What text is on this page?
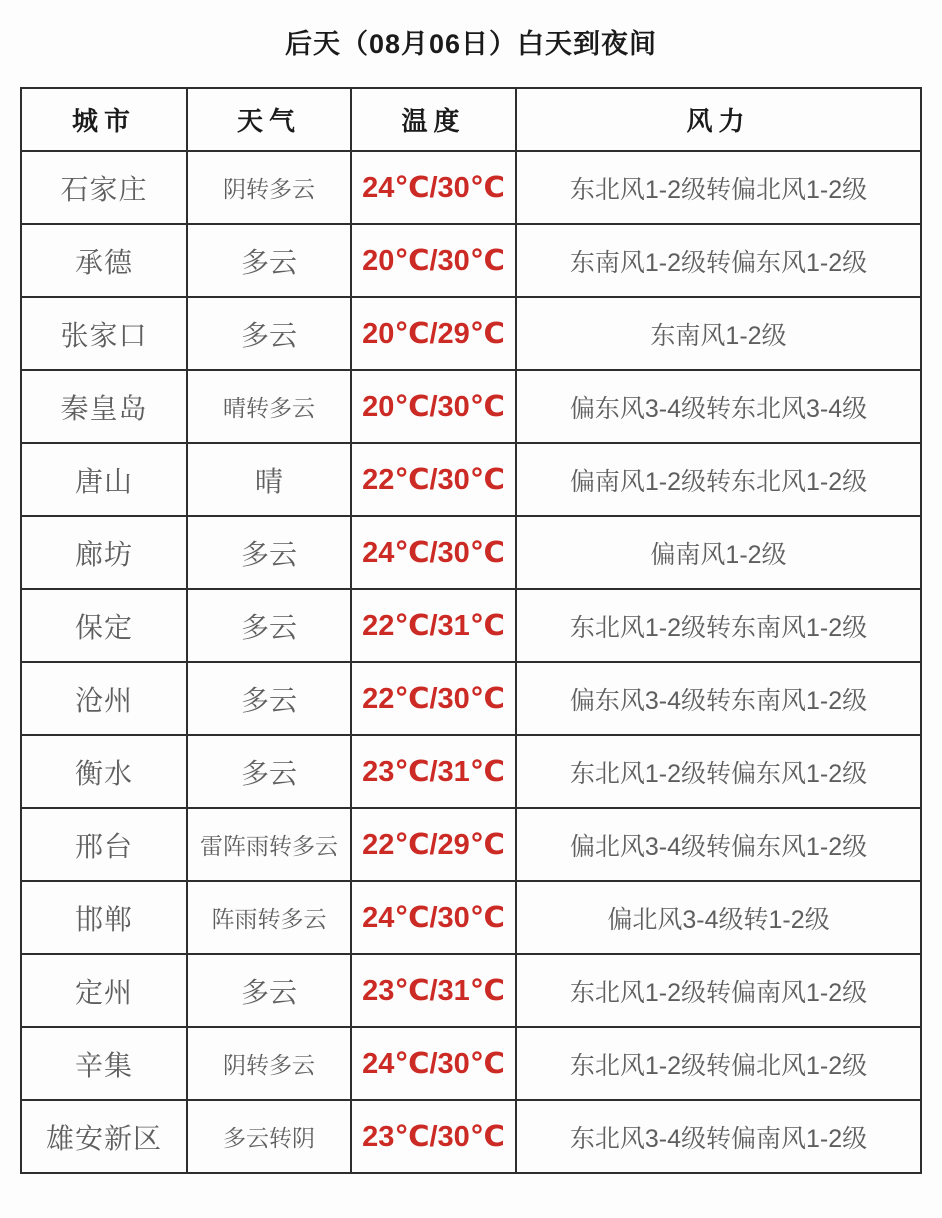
后天（08月06日）白天到夜间
城市	天气	温度	风力
石家庄	阴转多云	24℃/30℃	东北风1-2级转偏北风1-2级
承德	多云	20℃/30℃	东南风1-2级转偏东风1-2级
张家口	多云	20℃/29℃	东南风1-2级
秦皇岛	晴转多云	20℃/30℃	偏东风3-4级转东北风3-4级
唐山	晴	22℃/30℃	偏南风1-2级转东北风1-2级
廊坊	多云	24℃/30℃	偏南风1-2级
保定	多云	22℃/31℃	东北风1-2级转东南风1-2级
沧州	多云	22℃/30℃	偏东风3-4级转东南风1-2级
衡水	多云	23℃/31℃	东北风1-2级转偏东风1-2级
邢台	雷阵雨转多云	22℃/29℃	偏北风3-4级转偏东风1-2级
邯郸	阵雨转多云	24℃/30℃	偏北风3-4级转1-2级
定州	多云	23℃/31℃	东北风1-2级转偏南风1-2级
辛集	阴转多云	24℃/30℃	东北风1-2级转偏北风1-2级
雄安新区	多云转阴	23℃/30℃	东北风3-4级转偏南风1-2级
